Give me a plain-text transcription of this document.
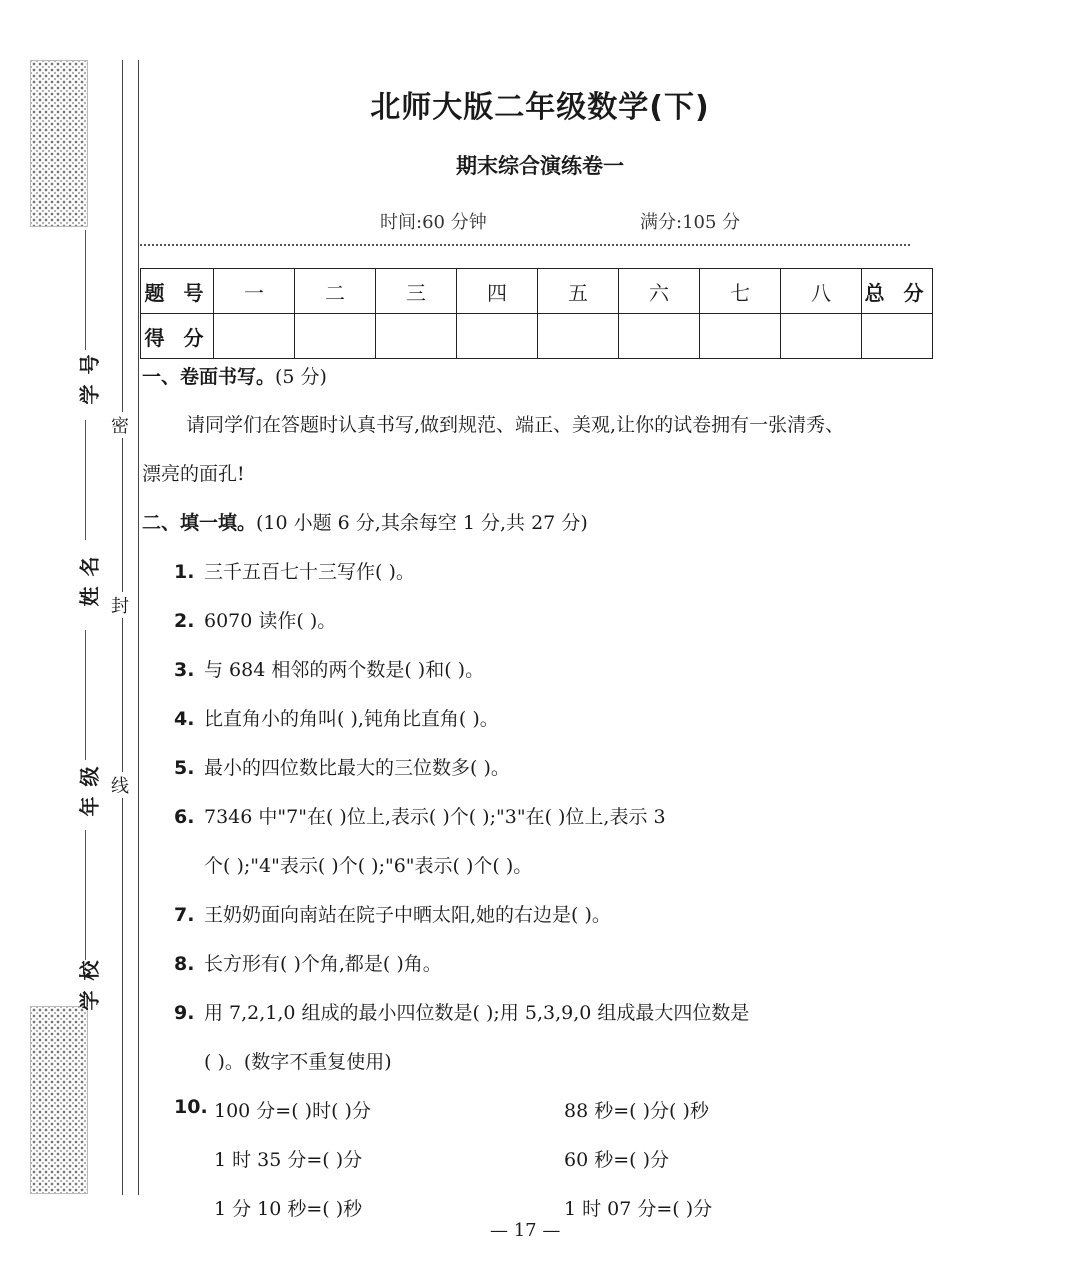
学号
姓名
年级
学校
密
封
线
北师大版二年级数学(下)
期末综合演练卷一
时间:60 分钟	满分:105 分
题 号	一	二	三	四	五	六	七	八	总 分
得 分									
一、卷面书写。(5 分)
请同学们在答题时认真书写,做到规范、端正、美观,让你的试卷拥有一张清秀、
漂亮的面孔!
二、填一填。(10 小题 6 分,其余每空 1 分,共 27 分)
1. 三千五百七十三写作( )。
2. 6070 读作( )。
3. 与 684 相邻的两个数是( )和( )。
4. 比直角小的角叫( ),钝角比直角( )。
5. 最小的四位数比最大的三位数多( )。
6. 7346 中"7"在( )位上,表示( )个( );"3"在( )位上,表示 3
个( );"4"表示( )个( );"6"表示( )个( )。
7. 王奶奶面向南站在院子中晒太阳,她的右边是( )。
8. 长方形有( )个角,都是( )角。
9. 用 7,2,1,0 组成的最小四位数是( );用 5,3,9,0 组成最大四位数是
( )。(数字不重复使用)
10. 100 分=( )时( )分	88 秒=( )分( )秒
1 时 35 分=( )分	60 秒=( )分
1 分 10 秒=( )秒	1 时 07 分=( )分
— 17 —
